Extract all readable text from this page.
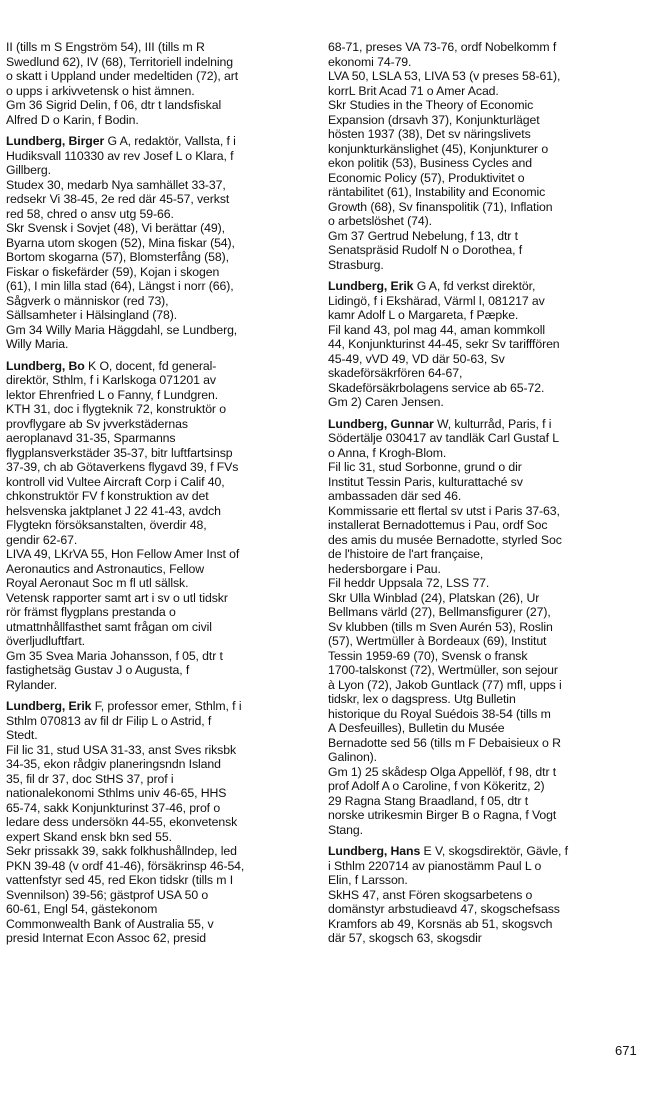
II (tills m S Engström 54), III (tills m R
Swedlund 62), IV (68), Territoriell indelning
o skatt i Uppland under medeltiden (72), art
o upps i arkivvetensk o hist ämnen.
Gm 36 Sigrid Delin, f 06, dtr t landsfiskal
Alfred D o Karin, f Bodin.
Lundberg, Birger G A, redaktör, Vallsta, f i
Hudiksvall 110330 av rev Josef L o Klara, f
Gillberg.
Studex 30, medarb Nya samhället 33-37,
redsekr Vi 38-45, 2e red där 45-57, verkst
red 58, chred o ansv utg 59-66.
Skr Svensk i Sovjet (48), Vi berättar (49),
Byarna utom skogen (52), Mina fiskar (54),
Bortom skogarna (57), Blomsterfång (58),
Fiskar o fiskefärder (59), Kojan i skogen
(61), I min lilla stad (64), Längst i norr (66),
Sågverk o människor (red 73),
Sällsamheter i Hälsingland (78).
Gm 34 Willy Maria Häggdahl, se Lundberg,
Willy Maria.
Lundberg, Bo K O, docent, fd general-
direktör, Sthlm, f i Karlskoga 071201 av
lektor Ehrenfried L o Fanny, f Lundgren.
KTH 31, doc i flygteknik 72, konstruktör o
provflygare ab Sv jvverkstädernas
aeroplanavd 31-35, Sparmanns
flygplansverkstäder 35-37, bitr luftfartsinsp
37-39, ch ab Götaverkens flygavd 39, f FVs
kontroll vid Vultee Aircraft Corp i Calif 40,
chkonstruktör FV f konstruktion av det
helsvenska jaktplanet J 22 41-43, avdch
Flygtekn försöksanstalten, överdir 48,
gendir 62-67.
LIVA 49, LKrVA 55, Hon Fellow Amer Inst of
Aeronautics and Astronautics, Fellow
Royal Aeronaut Soc m fl utl sällsk.
Vetensk rapporter samt art i sv o utl tidskr
rör främst flygplans prestanda o
utmattnhållfasthet samt frågan om civil
överljudluftfart.
Gm 35 Svea Maria Johansson, f 05, dtr t
fastighetsäg Gustav J o Augusta, f
Rylander.
Lundberg, Erik F, professor emer, Sthlm, f i
Sthlm 070813 av fil dr Filip L o Astrid, f
Stedt.
Fil lic 31, stud USA 31-33, anst Sves riksbk
34-35, ekon rådgiv planeringsndn Island
35, fil dr 37, doc StHS 37, prof i
nationalekonomi Sthlms univ 46-65, HHS
65-74, sakk Konjunkturinst 37-46, prof o
ledare dess undersökn 44-55, ekonvetensk
expert Skand ensk bkn sed 55.
Sekr prissakk 39, sakk folkhushållndep, led
PKN 39-48 (v ordf 41-46), försäkrinsp 46-54,
vattenfstyr sed 45, red Ekon tidskr (tills m I
Svennilson) 39-56; gästprof USA 50 o
60-61, Engl 54, gästekonom
Commonwealth Bank of Australia 55, v
presid Internat Econ Assoc 62, presid
68-71, preses VA 73-76, ordf Nobelkomm f
ekonomi 74-79.
LVA 50, LSLA 53, LIVA 53 (v preses 58-61),
korrL Brit Acad 71 o Amer Acad.
Skr Studies in the Theory of Economic
Expansion (drsavh 37), Konjunkturläget
hösten 1937 (38), Det sv näringslivets
konjunkturkänslighet (45), Konjunkturer o
ekon politik (53), Business Cycles and
Economic Policy (57), Produktivitet o
räntabilitet (61), Instability and Economic
Growth (68), Sv finanspolitik (71), Inflation
o arbetslöshet (74).
Gm 37 Gertrud Nebelung, f 13, dtr t
Senatspräsid Rudolf N o Dorothea, f
Strasburg.
Lundberg, Erik G A, fd verkst direktör,
Lidingö, f i Ekshärad, Värml l, 081217 av
kamr Adolf L o Margareta, f Pæpke.
Fil kand 43, pol mag 44, aman kommkoll
44, Konjunkturinst 44-45, sekr Sv tarifffören
45-49, vVD 49, VD där 50-63, Sv
skadeförsäkrfören 64-67,
Skadeförsäkrbolagens service ab 65-72.
Gm 2) Caren Jensen.
Lundberg, Gunnar W, kulturråd, Paris, f i
Södertälje 030417 av tandläk Carl Gustaf L
o Anna, f Krogh-Blom.
Fil lic 31, stud Sorbonne, grund o dir
Institut Tessin Paris, kulturattaché sv
ambassaden där sed 46.
Kommissarie ett flertal sv utst i Paris 37-63,
installerat Bernadottemus i Pau, ordf Soc
des amis du musée Bernadotte, styrled Soc
de l'histoire de l'art française,
hedersborgare i Pau.
Fil heddr Uppsala 72, LSS 77.
Skr Ulla Winblad (24), Platskan (26), Ur
Bellmans värld (27), Bellmansfigurer (27),
Sv klubben (tills m Sven Aurén 53), Roslin
(57), Wertmüller à Bordeaux (69), Institut
Tessin 1959-69 (70), Svensk o fransk
1700-talskonst (72), Wertmüller, son sejour
à Lyon (72), Jakob Guntlack (77) mfl, upps i
tidskr, lex o dagspress. Utg Bulletin
historique du Royal Suédois 38-54 (tills m
A Desfeuilles), Bulletin du Musée
Bernadotte sed 56 (tills m F Debaisieux o R
Galinon).
Gm 1) 25 skådesp Olga Appellöf, f 98, dtr t
prof Adolf A o Caroline, f von Kökeritz, 2)
29 Ragna Stang Braadland, f 05, dtr t
norske utrikesmin Birger B o Ragna, f Vogt
Stang.
Lundberg, Hans E V, skogsdirektör, Gävle, f
i Sthlm 220714 av pianostämm Paul L o
Elin, f Larsson.
SkHS 47, anst Fören skogsarbetens o
domänstyr arbstudieavd 47, skogschefsass
Kramfors ab 49, Korsnäs ab 51, skogsvch
där 57, skogsch 63, skogsdir
671
